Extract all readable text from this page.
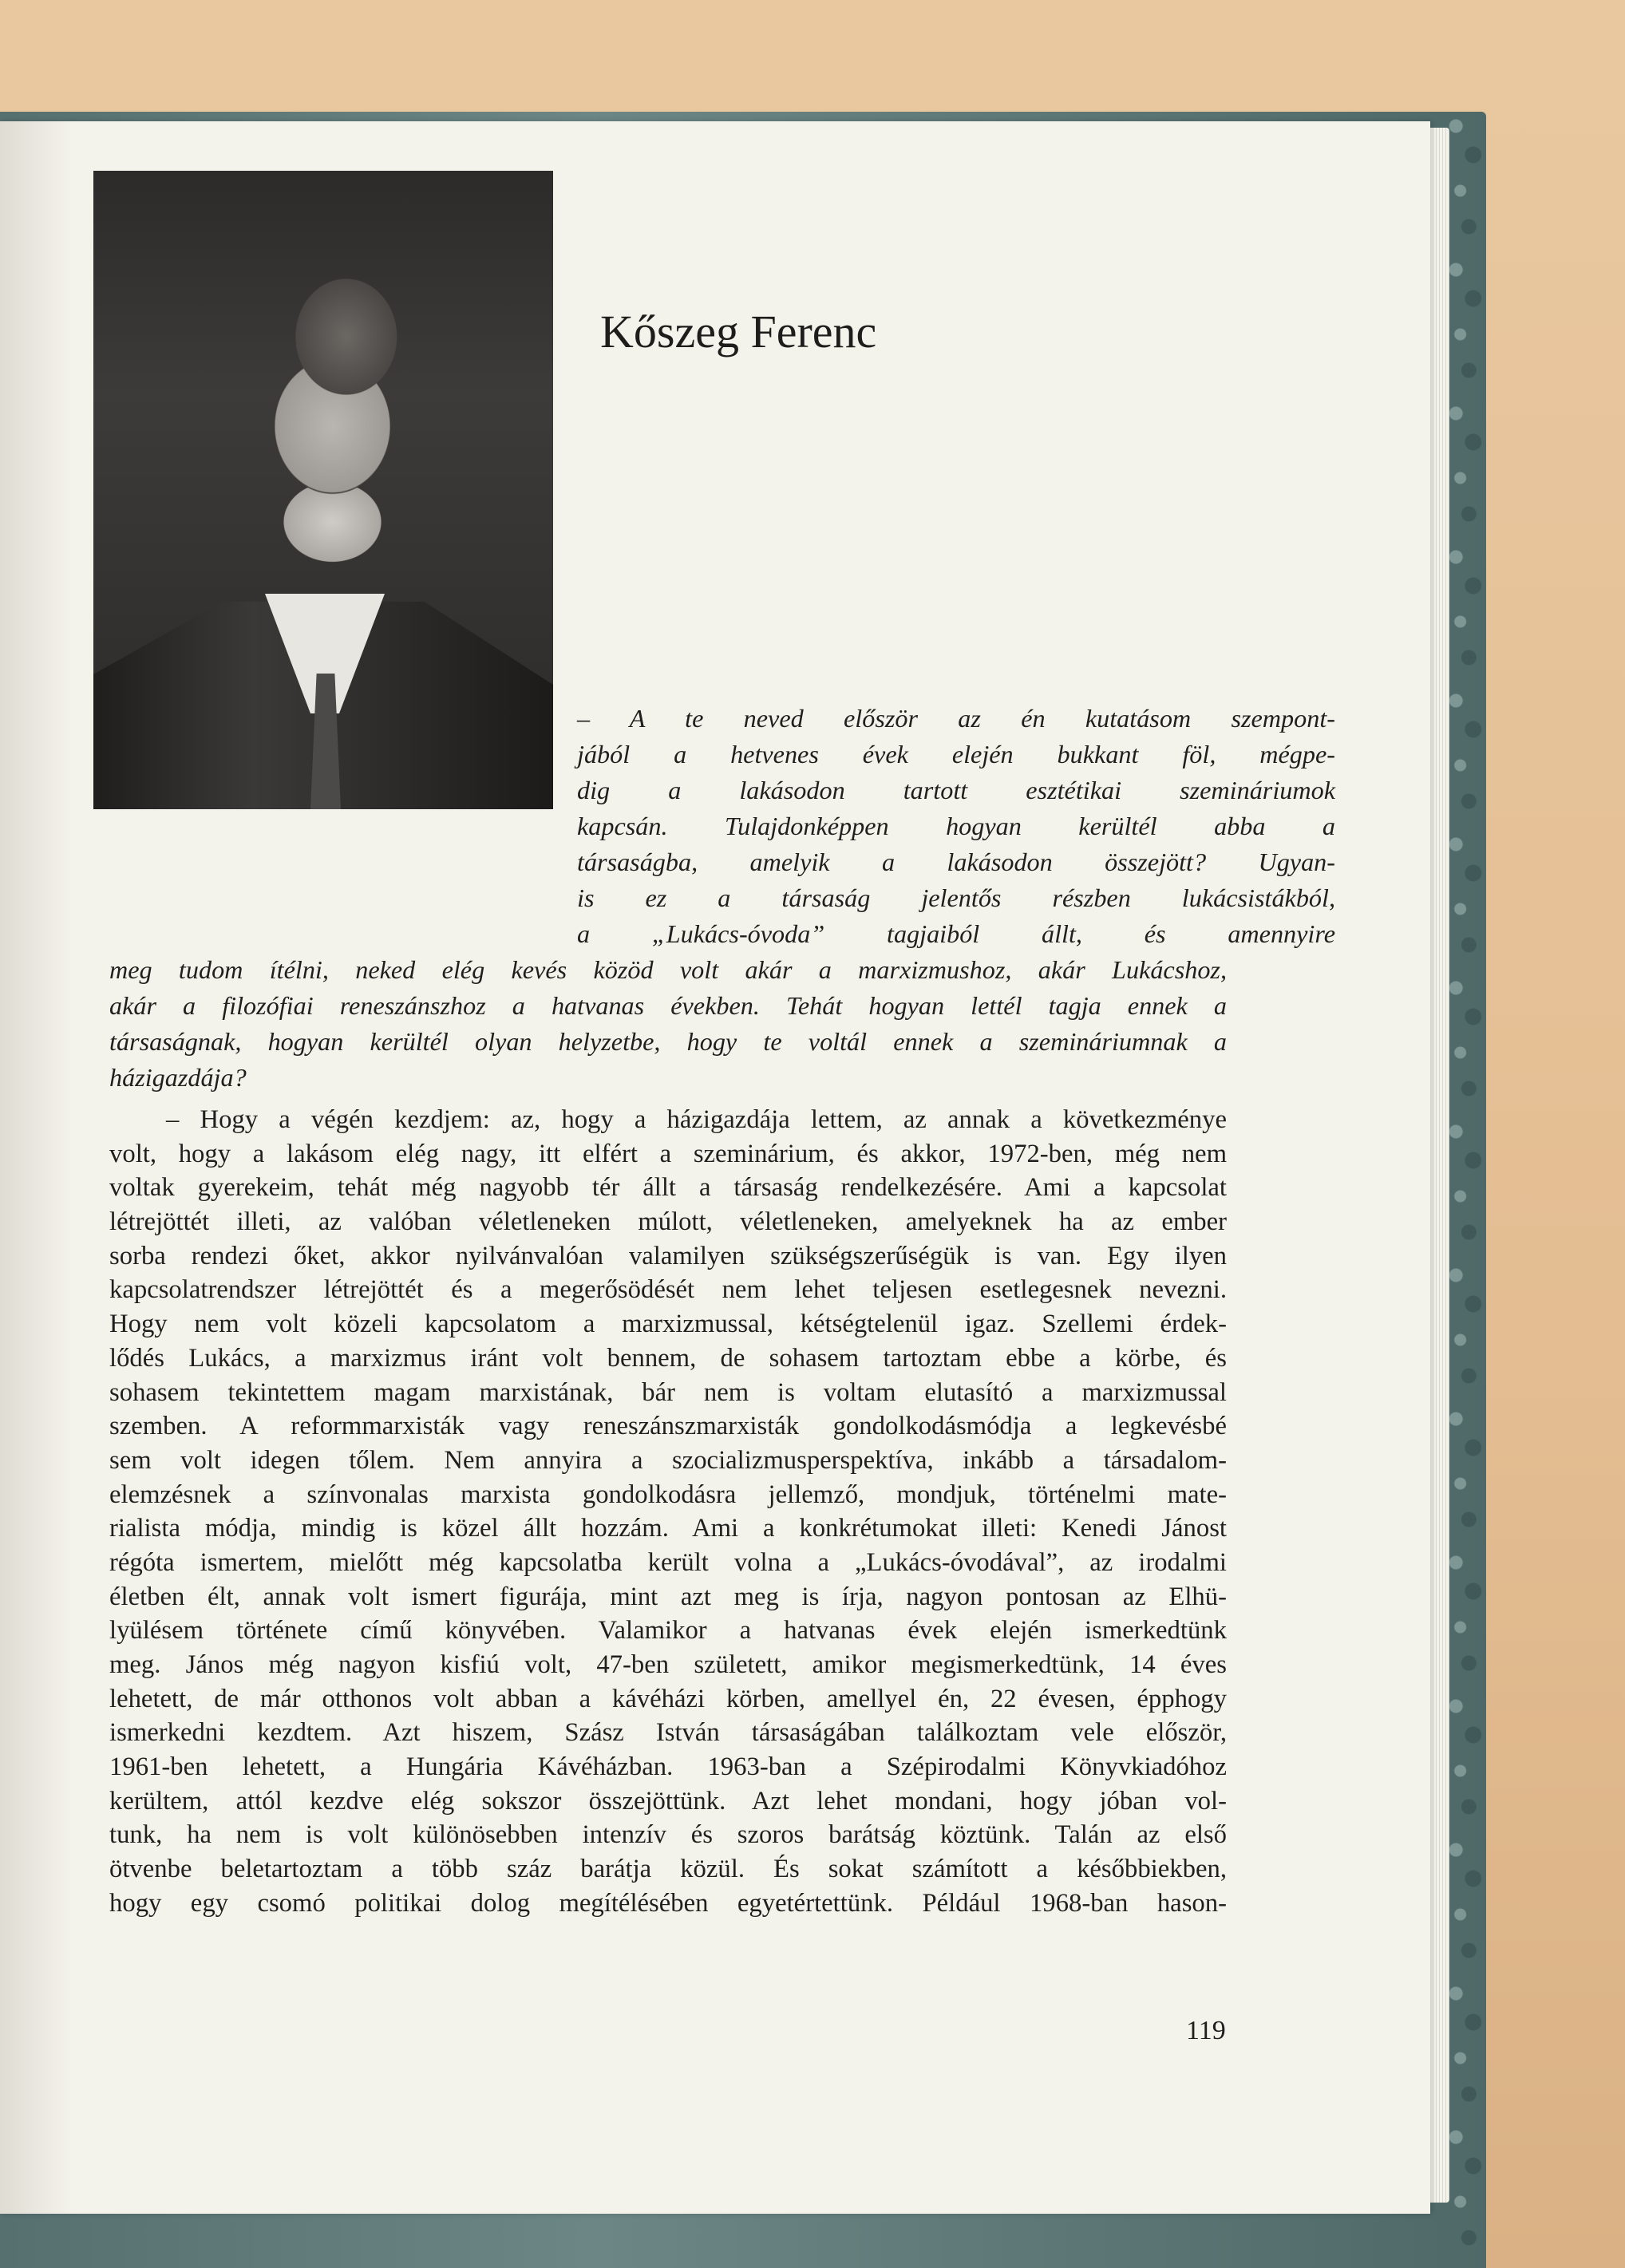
Kőszeg Ferenc
– A te neved először az én kutatásom szempont-
jából a hetvenes évek elején bukkant föl, mégpe-
dig a lakásodon tartott esztétikai szemináriumok
kapcsán. Tulajdonképpen hogyan kerültél abba a
társaságba, amelyik a lakásodon összejött? Ugyan-
is ez a társaság jelentős részben lukácsistákból,
a „Lukács-óvoda” tagjaiból állt, és amennyire
meg tudom ítélni, neked elég kevés közöd volt akár a marxizmushoz, akár Lukácshoz,
akár a filozófiai reneszánszhoz a hatvanas években. Tehát hogyan lettél tagja ennek a
társaságnak, hogyan kerültél olyan helyzetbe, hogy te voltál ennek a szemináriumnak a
házigazdája?
– Hogy a végén kezdjem: az, hogy a házigazdája lettem, az annak a következménye
volt, hogy a lakásom elég nagy, itt elfért a szeminárium, és akkor, 1972-ben, még nem
voltak gyerekeim, tehát még nagyobb tér állt a társaság rendelkezésére. Ami a kapcsolat
létrejöttét illeti, az valóban véletleneken múlott, véletleneken, amelyeknek ha az ember
sorba rendezi őket, akkor nyilvánvalóan valamilyen szükségszerűségük is van. Egy ilyen
kapcsolatrendszer létrejöttét és a megerősödését nem lehet teljesen esetlegesnek nevezni.
Hogy nem volt közeli kapcsolatom a marxizmussal, kétségtelenül igaz. Szellemi érdek-
lődés Lukács, a marxizmus iránt volt bennem, de sohasem tartoztam ebbe a körbe, és
sohasem tekintettem magam marxistának, bár nem is voltam elutasító a marxizmussal
szemben. A reformmarxisták vagy reneszánszmarxisták gondolkodásmódja a legkevésbé
sem volt idegen tőlem. Nem annyira a szocializmusperspektíva, inkább a társadalom-
elemzésnek a színvonalas marxista gondolkodásra jellemző, mondjuk, történelmi mate-
rialista módja, mindig is közel állt hozzám. Ami a konkrétumokat illeti: Kenedi Jánost
régóta ismertem, mielőtt még kapcsolatba került volna a „Lukács-óvodával”, az irodalmi
életben élt, annak volt ismert figurája, mint azt meg is írja, nagyon pontosan az Elhü-
lyülésem története című könyvében. Valamikor a hatvanas évek elején ismerkedtünk
meg. János még nagyon kisfiú volt, 47-ben született, amikor megismerkedtünk, 14 éves
lehetett, de már otthonos volt abban a kávéházi körben, amellyel én, 22 évesen, épphogy
ismerkedni kezdtem. Azt hiszem, Szász István társaságában találkoztam vele először,
1961-ben lehetett, a Hungária Kávéházban. 1963-ban a Szépirodalmi Könyvkiadóhoz
kerültem, attól kezdve elég sokszor összejöttünk. Azt lehet mondani, hogy jóban vol-
tunk, ha nem is volt különösebben intenzív és szoros barátság köztünk. Talán az első
ötvenbe beletartoztam a több száz barátja közül. És sokat számított a későbbiekben,
hogy egy csomó politikai dolog megítélésében egyetértettünk. Például 1968-ban hason-
119
